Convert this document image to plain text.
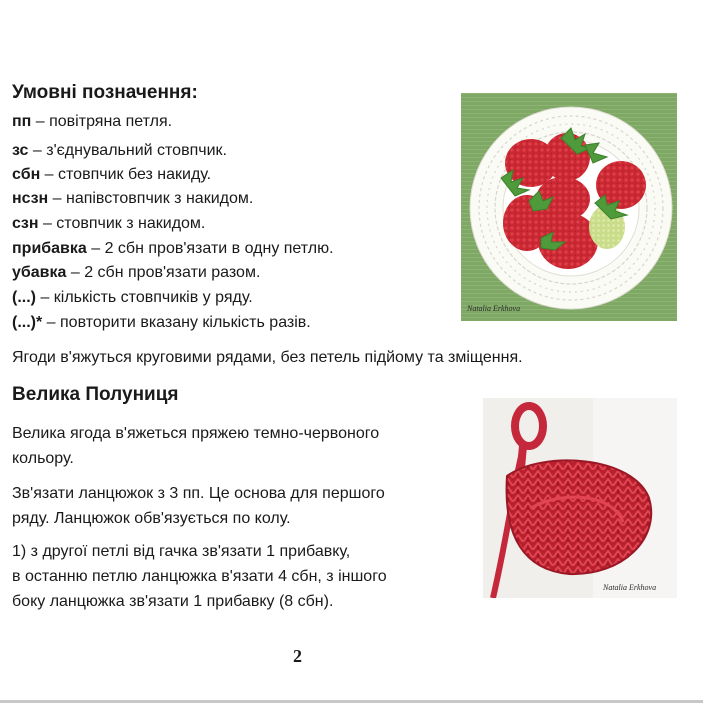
Умовні позначення:
пп – повітряна петля.
зс – з'єднувальний стовпчик.
сбн – стовпчик без накиду.
нсзн – напівстовпчик з накидом.
сзн – стовпчик з накидом.
прибавка – 2 сбн пров'язати в одну петлю.
убавка – 2 сбн пров'язати разом.
(...) – кількість стовпчиків у ряду.
(...)* – повторити вказану кількість разів.
Ягоди в'яжуться круговими рядами, без петель підйому та зміщення.
Велика Полуниця
Велика ягода в'яжеться пряжею темно-червоного
кольору.
Зв'язати ланцюжок з 3 пп. Це основа для першого
ряду. Ланцюжок обв'язується по колу.
1) з другої петлі від гачка зв'язати 1 прибавку,
в останню петлю ланцюжка в'язати 4 сбн, з іншого
боку ланцюжка зв'язати 1 прибавку (8 сбн).
2
Natalia Erkhova
Natalia Erkhova
